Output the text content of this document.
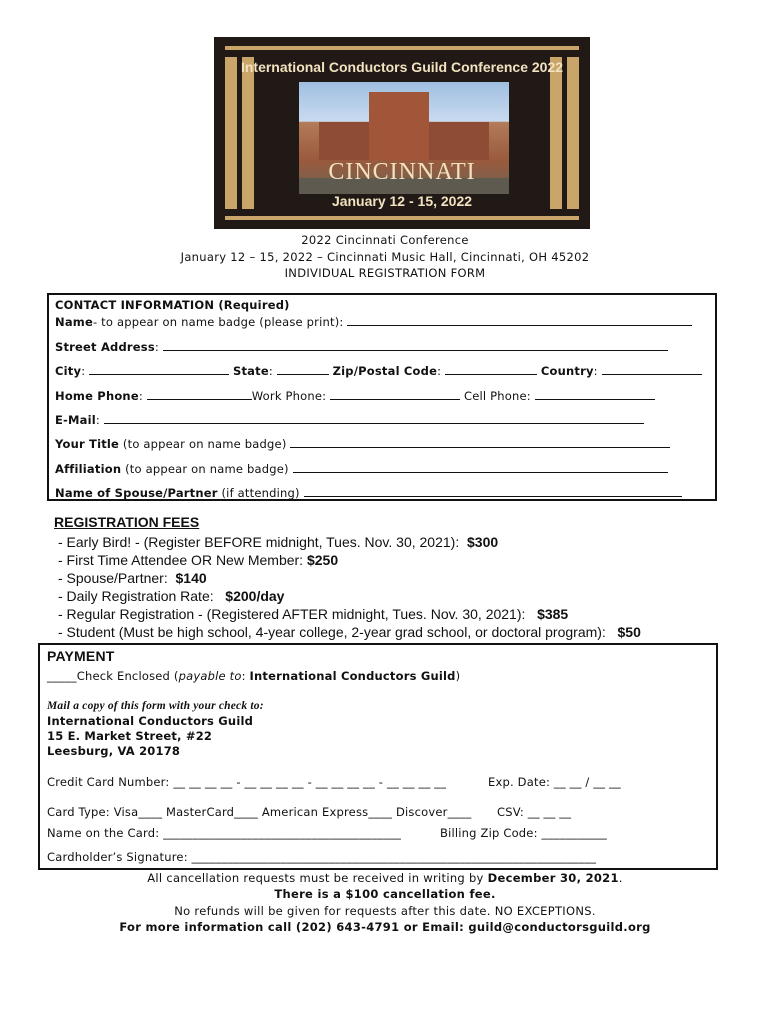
International Conductors Guild Conference 2022
CINCINNATI
January 12 - 15, 2022
2022 Cincinnati Conference
January 12 – 15, 2022 – Cincinnati Music Hall, Cincinnati, OH 45202
INDIVIDUAL REGISTRATION FORM
CONTACT INFORMATION (Required)
Name- to appear on name badge (please print):
Street Address:
City:	State:	Zip/Postal Code:	Country:
Home Phone:	Work Phone:	Cell Phone:
E-Mail:
Your Title (to appear on name badge)
Affiliation (to appear on name badge)
Name of Spouse/Partner (if attending)
REGISTRATION FEES
- Early Bird! - (Register BEFORE midnight, Tues. Nov. 30, 2021): $300
- First Time Attendee OR New Member: $250
- Spouse/Partner: $140
- Daily Registration Rate: $200/day
- Regular Registration - (Registered AFTER midnight, Tues. Nov. 30, 2021): $385
- Student (Must be high school, 4-year college, 2-year grad school, or doctoral program): $50
PAYMENT
_____Check Enclosed (payable to: International Conductors Guild)
Mail a copy of this form with your check to:
International Conductors Guild
15 E. Market Street, #22
Leesburg, VA 20178
Credit Card Number: __ __ __ __ - __ __ __ __ - __ __ __ __ - __ __ __ __	Exp. Date: __ __ / __ __
Card Type: Visa____ MasterCard____ American Express____ Discover____ CSV: __ __ __
Name on the Card: ________________________________________	Billing Zip Code: ___________
Cardholder’s Signature: ____________________________________________________________________
All cancellation requests must be received in writing by December 30, 2021.
There is a $100 cancellation fee.
No refunds will be given for requests after this date. NO EXCEPTIONS.
For more information call (202) 643-4791 or Email: guild@conductorsguild.org
